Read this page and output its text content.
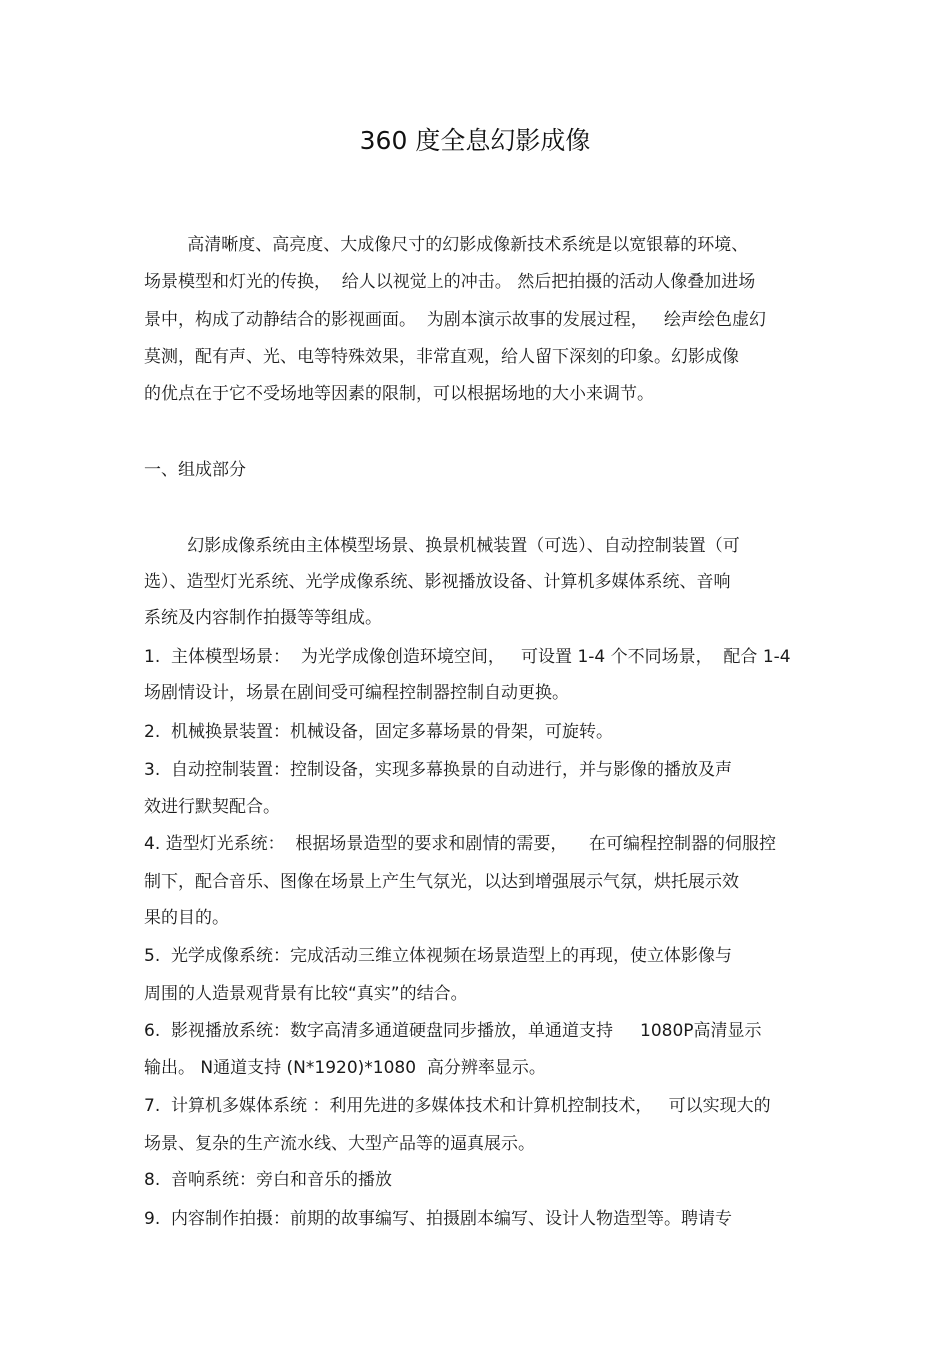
360 度全息幻影成像
高清晰度、高亮度、大成像尺寸的幻影成像新技术系统是以宽银幕的环境、
场景模型和灯光的传换，  给人以视觉上的冲击。 然后把拍摄的活动人像叠加进场
景中，构成了动静结合的影视画面。  为剧本演示故事的发展过程，   绘声绘色虚幻
莫测，配有声、光、电等特殊效果，非常直观，给人留下深刻的印象。幻影成像
的优点在于它不受场地等因素的限制，可以根据场地的大小来调节。
一、组成部分
幻影成像系统由主体模型场景、换景机械装置（可选）、自动控制装置（可
选）、造型灯光系统、光学成像系统、影视播放设备、计算机多媒体系统、音响
系统及内容制作拍摄等等组成。
1.  主体模型场景：  为光学成像创造环境空间，   可设置 1-4 个不同场景，  配合 1-4
场剧情设计，场景在剧间受可编程控制器控制自动更换。
2.  机械换景装置：机械设备，固定多幕场景的骨架，可旋转。
3.  自动控制装置：控制设备，实现多幕换景的自动进行，并与影像的播放及声
效进行默契配合。
4. 造型灯光系统：  根据场景造型的要求和剧情的需要，    在可编程控制器的伺服控
制下，配合音乐、图像在场景上产生气氛光，以达到增强展示气氛，烘托展示效
果的目的。
5.  光学成像系统：完成活动三维立体视频在场景造型上的再现，使立体影像与
周围的人造景观背景有比较“真实”的结合。
6.  影视播放系统：数字高清多通道硬盘同步播放，单通道支持     1080P高清显示
输出。 N通道支持 (N*1920)*1080  高分辨率显示。
7.  计算机多媒体系统 ：利用先进的多媒体技术和计算机控制技术，   可以实现大的
场景、复杂的生产流水线、大型产品等的逼真展示。
8.  音响系统：旁白和音乐的播放
9.  内容制作拍摄：前期的故事编写、拍摄剧本编写、设计人物造型等。聘请专
